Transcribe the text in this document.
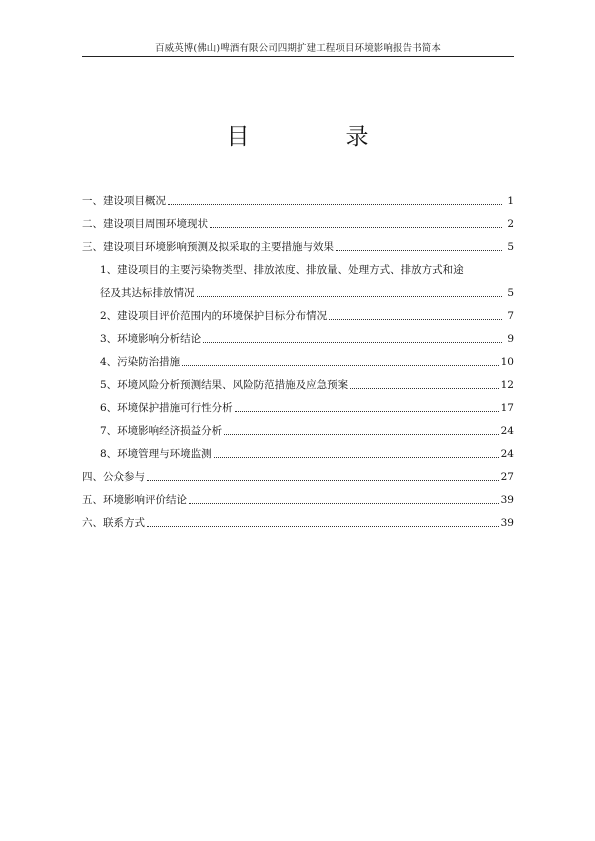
百威英博(佛山)啤酒有限公司四期扩建工程项目环境影响报告书简本
目录
一、建设项目概况	1
二、建设项目周围环境现状	2
三、建设项目环境影响预测及拟采取的主要措施与效果	5
1、建设项目的主要污染物类型、排放浓度、排放量、处理方式、排放方式和途
径及其达标排放情况	5
2、建设项目评价范围内的环境保护目标分布情况	7
3、环境影响分析结论	9
4、污染防治措施	10
5、环境风险分析预测结果、风险防范措施及应急预案	12
6、环境保护措施可行性分析	17
7、环境影响经济损益分析	24
8、环境管理与环境监测	24
四、公众参与	27
五、环境影响评价结论	39
六、联系方式	39
